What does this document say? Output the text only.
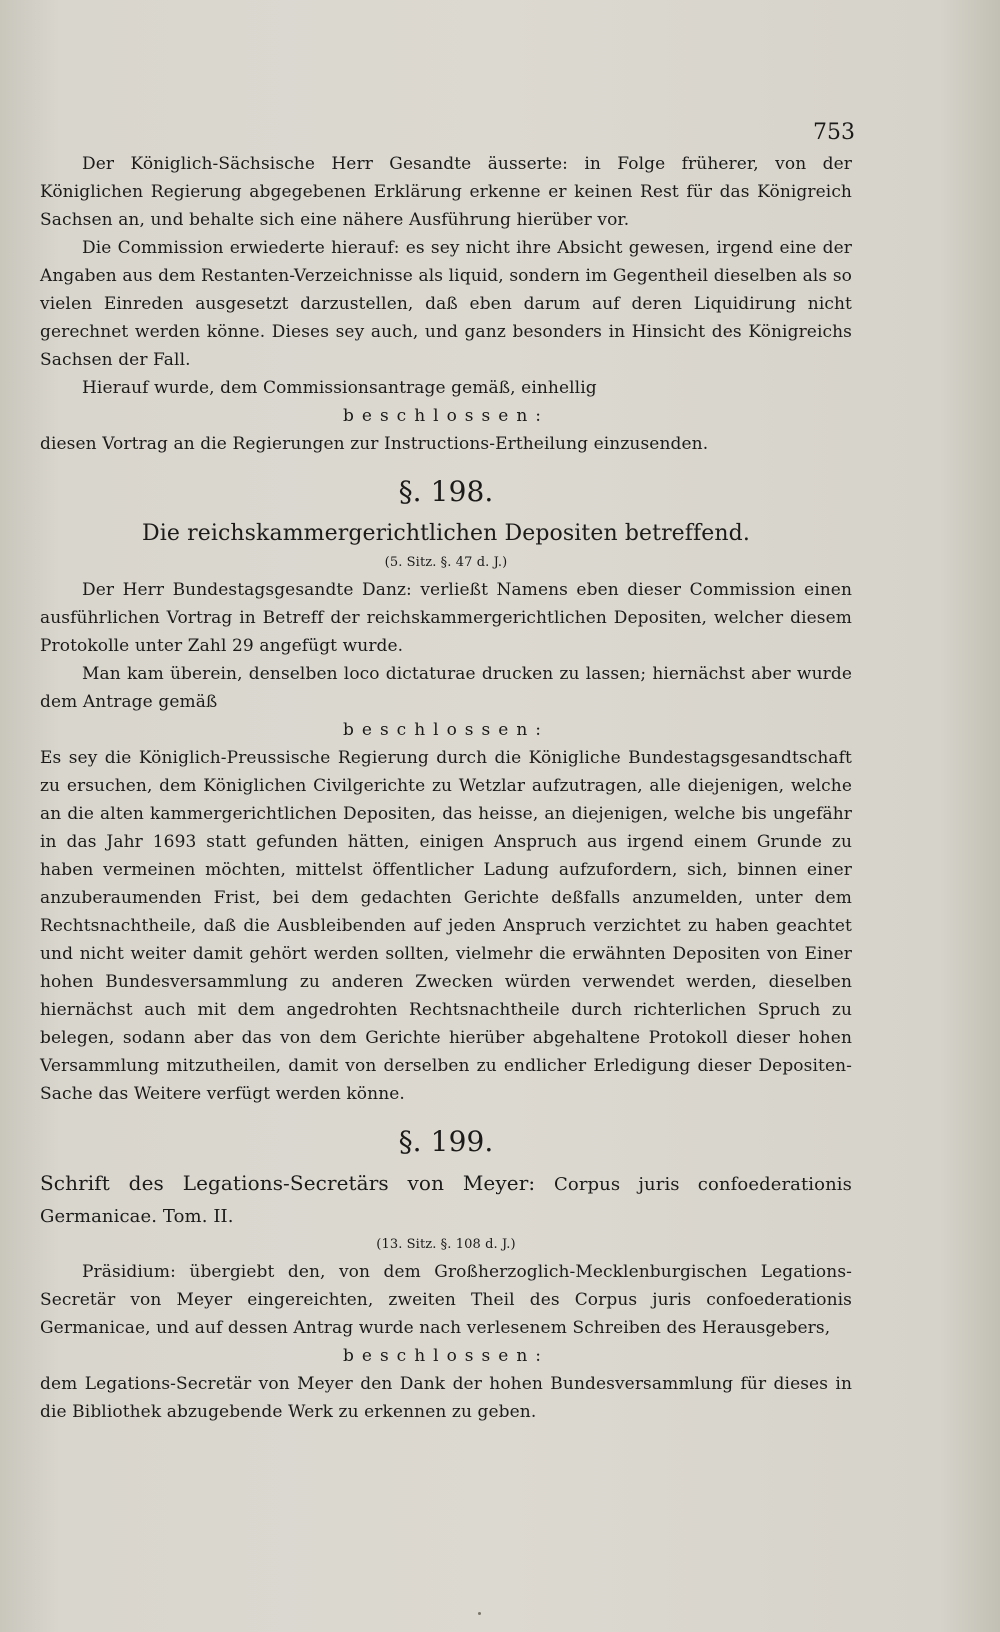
753

Der Königlich-Sächsische Herr Gesandte äusserte: in Folge früherer, von der Königlichen Regierung abgegebenen Erklärung erkenne er keinen Rest für das Königreich Sachsen an, und behalte sich eine nähere Ausführung hierüber vor.

Die Commission erwiederte hierauf: es sey nicht ihre Absicht gewesen, irgend eine der Angaben aus dem Restanten-Verzeichnisse als liquid, sondern im Gegentheil dieselben als so vielen Einreden ausgesetzt darzustellen, daß eben darum auf deren Liquidirung nicht gerechnet werden könne. Dieses sey auch, und ganz besonders in Hinsicht des Königreichs Sachsen der Fall.

Hierauf wurde, dem Commissionsantrage gemäß, einhellig

beschlossen:

diesen Vortrag an die Regierungen zur Instructions-Ertheilung einzusenden.

§. 198.

Die reichskammergerichtlichen Depositen betreffend.

(5. Sitz. §. 47 d. J.)

Der Herr Bundestagsgesandte Danz: verließt Namens eben dieser Commission einen ausführlichen Vortrag in Betreff der reichskammergerichtlichen Depositen, welcher diesem Protokolle unter Zahl 29 angefügt wurde.

Man kam überein, denselben loco dictaturae drucken zu lassen; hiernächst aber wurde dem Antrage gemäß

beschlossen:

Es sey die Königlich-Preussische Regierung durch die Königliche Bundestagsgesandtschaft zu ersuchen, dem Königlichen Civilgerichte zu Wetzlar aufzutragen, alle diejenigen, welche an die alten kammergerichtlichen Depositen, das heisse, an diejenigen, welche bis ungefähr in das Jahr 1693 statt gefunden hätten, einigen Anspruch aus irgend einem Grunde zu haben vermeinen möchten, mittelst öffentlicher Ladung aufzufordern, sich, binnen einer anzuberaumenden Frist, bei dem gedachten Gerichte deßfalls anzumelden, unter dem Rechtsnachtheile, daß die Ausbleibenden auf jeden Anspruch verzichtet zu haben geachtet und nicht weiter damit gehört werden sollten, vielmehr die erwähnten Depositen von Einer hohen Bundesversammlung zu anderen Zwecken würden verwendet werden, dieselben hiernächst auch mit dem angedrohten Rechtsnachtheile durch richterlichen Spruch zu belegen, sodann aber das von dem Gerichte hierüber abgehaltene Protokoll dieser hohen Versammlung mitzutheilen, damit von derselben zu endlicher Erledigung dieser Depositen-Sache das Weitere verfügt werden könne.

§. 199.

Schrift des Legations-Secretärs von Meyer: Corpus juris confoederationis Germanicae. Tom. II.

(13. Sitz. §. 108 d. J.)

Präsidium: übergiebt den, von dem Großherzoglich-Mecklenburgischen Legations-Secretär von Meyer eingereichten, zweiten Theil des Corpus juris confoederationis Germanicae, und auf dessen Antrag wurde nach verlesenem Schreiben des Herausgebers,

beschlossen:

dem Legations-Secretär von Meyer den Dank der hohen Bundesversammlung für dieses in die Bibliothek abzugebende Werk zu erkennen zu geben.
